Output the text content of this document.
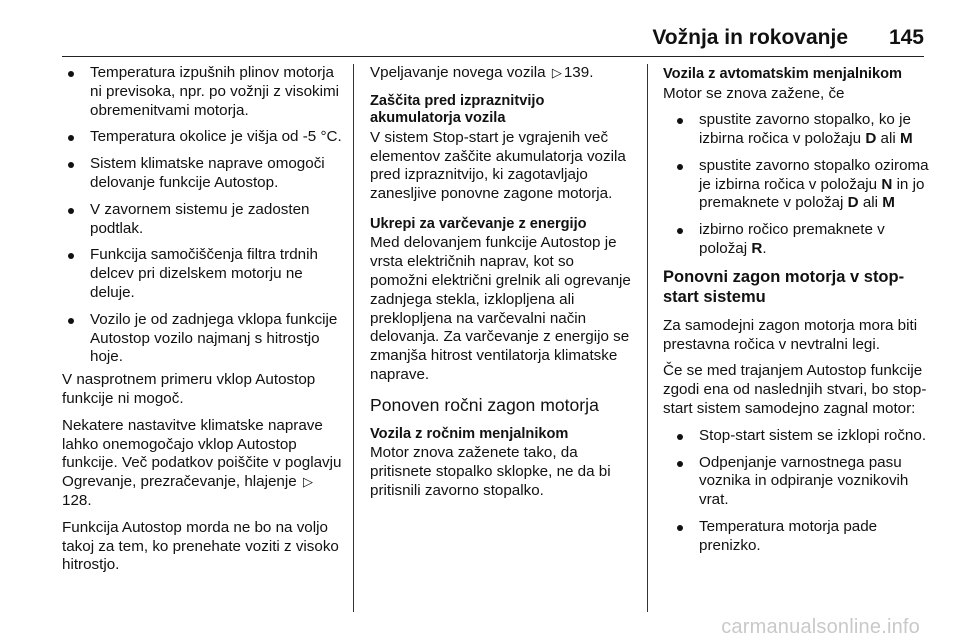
Vožnja in rokovanje 145
Temperatura izpušnih plinov motorja ni previsoka, npr. po vožnji z visokimi obremenitvami motorja.
Temperatura okolice je višja od -5 °C.
Sistem klimatske naprave omogoči delovanje funkcije Autostop.
V zavornem sistemu je zadosten podtlak.
Funkcija samočiščenja filtra trdnih delcev pri dizelskem motorju ne deluje.
Vozilo je od zadnjega vklopa funkcije Autostop vozilo najmanj s hitrostjo hoje.

V nasprotnem primeru vklop Autostop funkcije ni mogoč.

Nekatere nastavitve klimatske naprave lahko onemogočajo vklop Autostop funkcije. Več podatkov poiščite v poglavju Ogrevanje, prezračevanje, hlajenje ▷128.

Funkcija Autostop morda ne bo na voljo takoj za tem, ko prenehate voziti z visoko hitrostjo.

Vpeljavanje novega vozila ▷ 139.

Zaščita pred izpraznitvijo akumulatorja vozila

V sistem Stop-start je vgrajenih več elementov zaščite akumulatorja vozila pred izpraznitvijo, ki zagotavljajo zanesljive ponovne zagone motorja.

Ukrepi za varčevanje z energijo

Med delovanjem funkcije Autostop je vrsta električnih naprav, kot so pomožni električni grelnik ali ogrevanje zadnjega stekla, izklopljena ali preklopljena na varčevalni način delovanja. Za varčevanje z energijo se zmanjša hitrost ventilatorja klimatske naprave.

Ponoven ročni zagon motorja
Vozila z ročnim menjalnikom

Motor znova zaženete tako, da pritisnete stopalko sklopke, ne da bi pritisnili zavorno stopalko.

Vozila z avtomatskim menjalnikom

Motor se znova zažene, če

spustite zavorno stopalko, ko je izbirna ročica v položaju D ali M
spustite zavorno stopalko oziroma je izbirna ročica v položaju N in jo premaknete v položaj D ali M
izbirno ročico premaknete v položaj R.
Ponovni zagon motorja v stop-start sistemu

Za samodejni zagon motorja mora biti prestavna ročica v nevtralni legi.

Če se med trajanjem Autostop funkcije zgodi ena od naslednjih stvari, bo stop-start sistem samodejno zagnal motor:

Stop-start sistem se izklopi ročno.
Odpenjanje varnostnega pasu voznika in odpiranje voznikovih vrat.
Temperatura motorja pade prenizko.
carmanualsonline.info
